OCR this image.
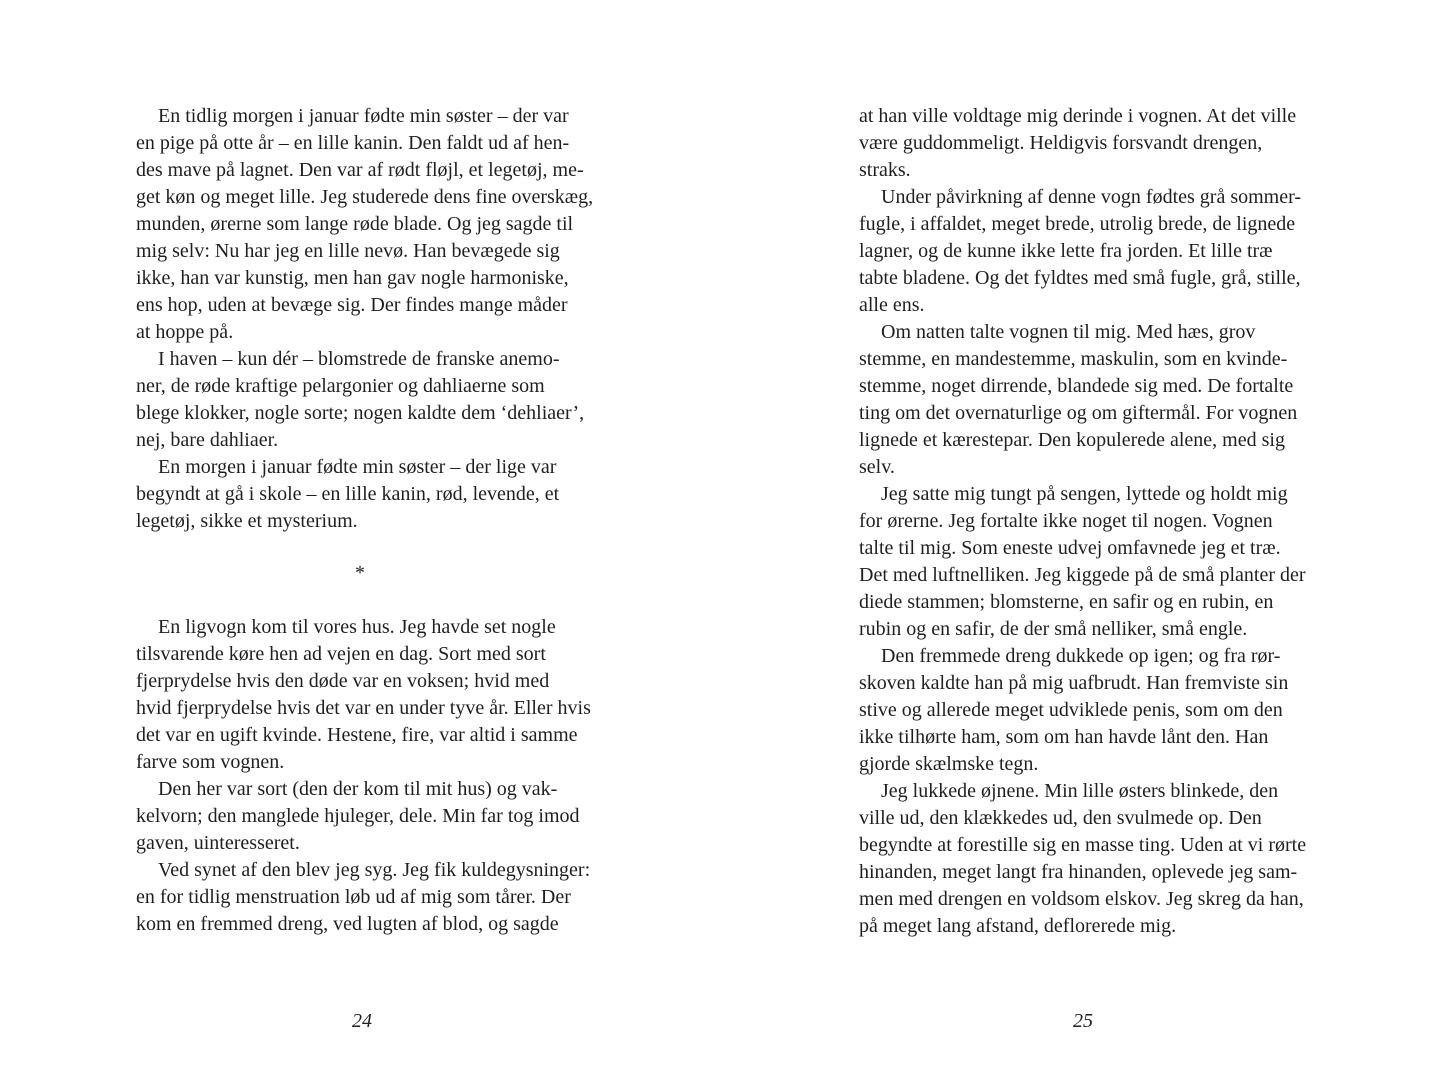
En tidlig morgen i januar fødte min søster – der var
en pige på otte år – en lille kanin. Den faldt ud af hen-
des mave på lagnet. Den var af rødt fløjl, et legetøj, me-
get køn og meget lille. Jeg studerede dens fine overskæg,
munden, ørerne som lange røde blade. Og jeg sagde til
mig selv: Nu har jeg en lille nevø. Han bevægede sig
ikke, han var kunstig, men han gav nogle harmoniske,
ens hop, uden at bevæge sig. Der findes mange måder
at hoppe på.
I haven – kun dér – blomstrede de franske anemo-
ner, de røde kraftige pelargonier og dahliaerne som
blege klokker, nogle sorte; nogen kaldte dem ‘dehliaer’,
nej, bare dahliaer.
En morgen i januar fødte min søster – der lige var
begyndt at gå i skole – en lille kanin, rød, levende, et
legetøj, sikke et mysterium.
*
En ligvogn kom til vores hus. Jeg havde set nogle
tilsvarende køre hen ad vejen en dag. Sort med sort
fjerprydelse hvis den døde var en voksen; hvid med
hvid fjerprydelse hvis det var en under tyve år. Eller hvis
det var en ugift kvinde. Hestene, fire, var altid i samme
farve som vognen.
Den her var sort (den der kom til mit hus) og vak-
kelvorn; den manglede hjuleger, dele. Min far tog imod
gaven, uinteresseret.
Ved synet af den blev jeg syg. Jeg fik kuldegysninger:
en for tidlig menstruation løb ud af mig som tårer. Der
kom en fremmed dreng, ved lugten af blod, og sagde
24
at han ville voldtage mig derinde i vognen. At det ville
være guddommeligt. Heldigvis forsvandt drengen,
straks.
Under påvirkning af denne vogn fødtes grå sommer-
fugle, i affaldet, meget brede, utrolig brede, de lignede
lagner, og de kunne ikke lette fra jorden. Et lille træ
tabte bladene. Og det fyldtes med små fugle, grå, stille,
alle ens.
Om natten talte vognen til mig. Med hæs, grov
stemme, en mandestemme, maskulin, som en kvinde-
stemme, noget dirrende, blandede sig med. De fortalte
ting om det overnaturlige og om giftermål. For vognen
lignede et kærestepar. Den kopulerede alene, med sig
selv.
Jeg satte mig tungt på sengen, lyttede og holdt mig
for ørerne. Jeg fortalte ikke noget til nogen. Vognen
talte til mig. Som eneste udvej omfavnede jeg et træ.
Det med luftnelliken. Jeg kiggede på de små planter der
diede stammen; blomsterne, en safir og en rubin, en
rubin og en safir, de der små nelliker, små engle.
Den fremmede dreng dukkede op igen; og fra rør-
skoven kaldte han på mig uafbrudt. Han fremviste sin
stive og allerede meget udviklede penis, som om den
ikke tilhørte ham, som om han havde lånt den. Han
gjorde skælmske tegn.
Jeg lukkede øjnene. Min lille østers blinkede, den
ville ud, den klækkedes ud, den svulmede op. Den
begyndte at forestille sig en masse ting. Uden at vi rørte
hinanden, meget langt fra hinanden, oplevede jeg sam-
men med drengen en voldsom elskov. Jeg skreg da han,
på meget lang afstand, deflorerede mig.
25
